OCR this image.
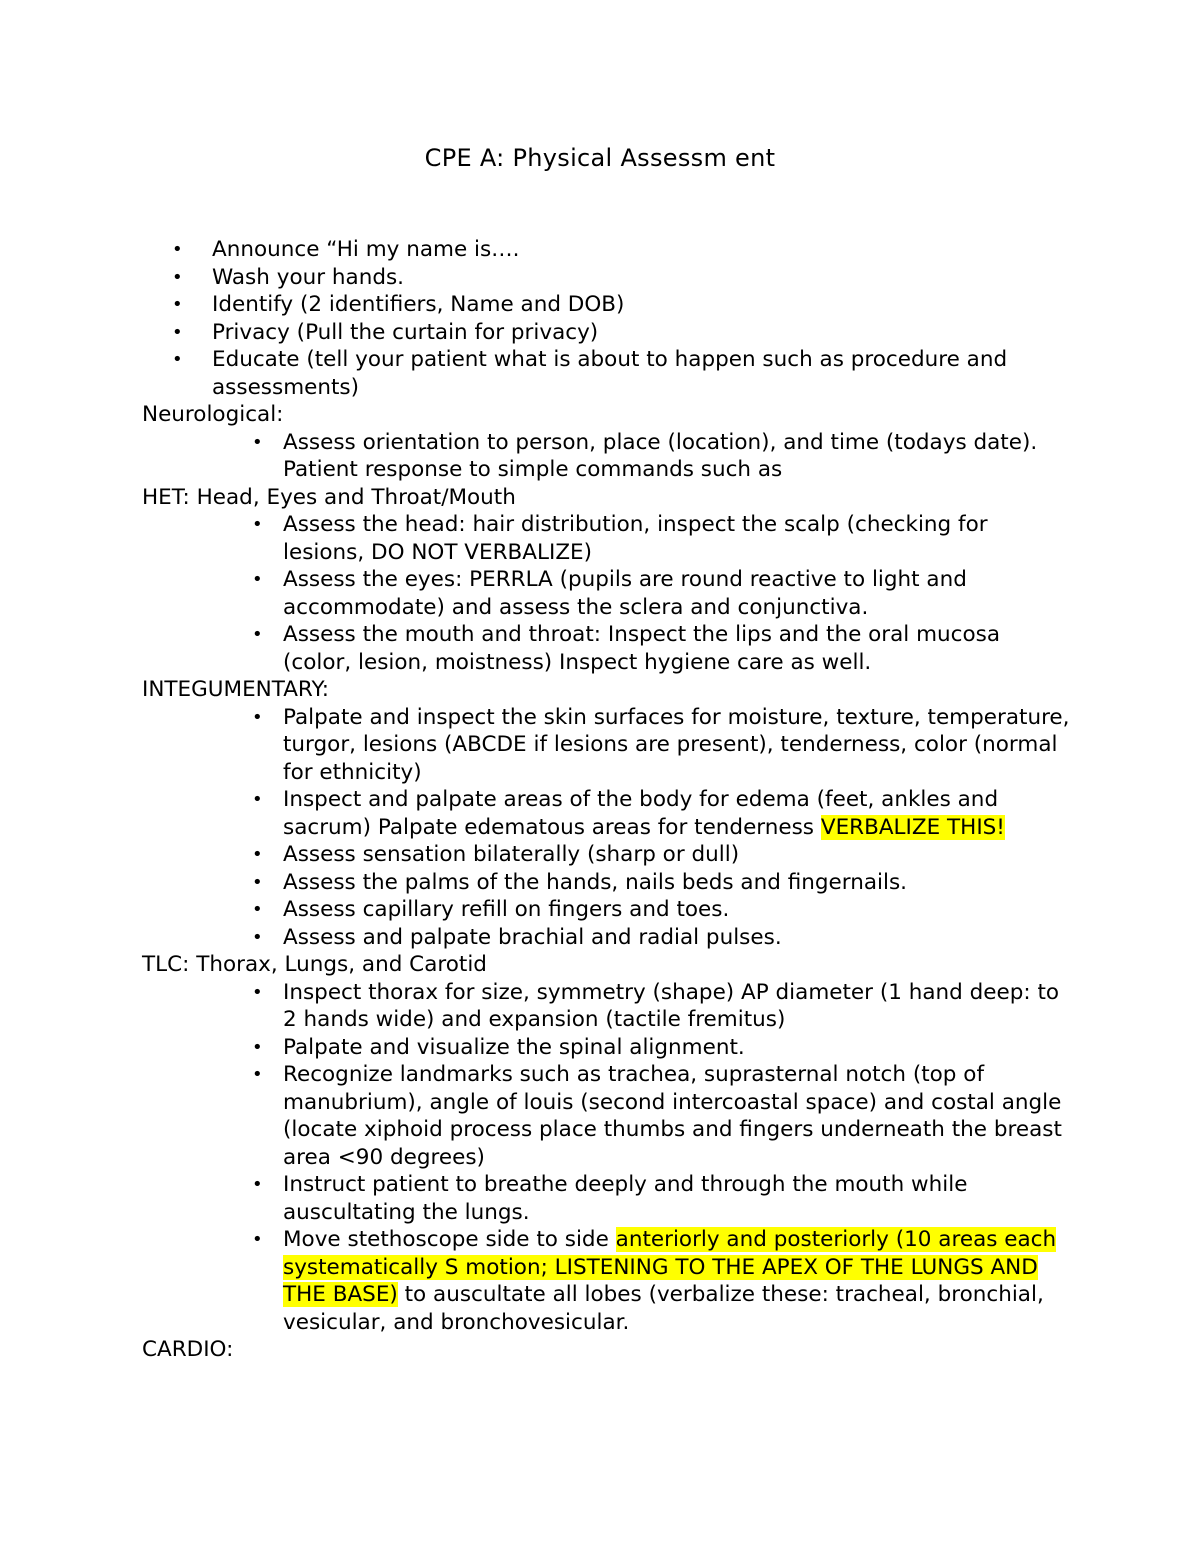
CPE A: Physical Assessm ent
• Announce “Hi my name is….
• Wash your hands.
• Identify (2 identifiers, Name and DOB)
• Privacy (Pull the curtain for privacy)
• Educate (tell your patient what is about to happen such as procedure and assessments)
Neurological:
• Assess orientation to person, place (location), and time (todays date). Patient response to simple commands such as
HET: Head, Eyes and Throat/Mouth
• Assess the head: hair distribution, inspect the scalp (checking for lesions, DO NOT VERBALIZE)
• Assess the eyes: PERRLA (pupils are round reactive to light and accommodate) and assess the sclera and conjunctiva.
• Assess the mouth and throat: Inspect the lips and the oral mucosa (color, lesion, moistness) Inspect hygiene care as well.
INTEGUMENTARY:
• Palpate and inspect the skin surfaces for moisture, texture, temperature, turgor, lesions (ABCDE if lesions are present), tenderness, color (normal for ethnicity)
• Inspect and palpate areas of the body for edema (feet, ankles and sacrum) Palpate edematous areas for tenderness VERBALIZE THIS!
• Assess sensation bilaterally (sharp or dull)
• Assess the palms of the hands, nails beds and fingernails.
• Assess capillary refill on fingers and toes.
• Assess and palpate brachial and radial pulses.
TLC: Thorax, Lungs, and Carotid
• Inspect thorax for size, symmetry (shape) AP diameter (1 hand deep: to 2 hands wide) and expansion (tactile fremitus)
• Palpate and visualize the spinal alignment.
• Recognize landmarks such as trachea, suprasternal notch (top of manubrium), angle of louis (second intercoastal space) and costal angle (locate xiphoid process place thumbs and fingers underneath the breast area <90 degrees)
• Instruct patient to breathe deeply and through the mouth while auscultating the lungs.
• Move stethoscope side to side anteriorly and posteriorly (10 areas each systematically S motion; LISTENING TO THE APEX OF THE LUNGS AND THE BASE) to auscultate all lobes (verbalize these: tracheal, bronchial, vesicular, and bronchovesicular.
CARDIO:
